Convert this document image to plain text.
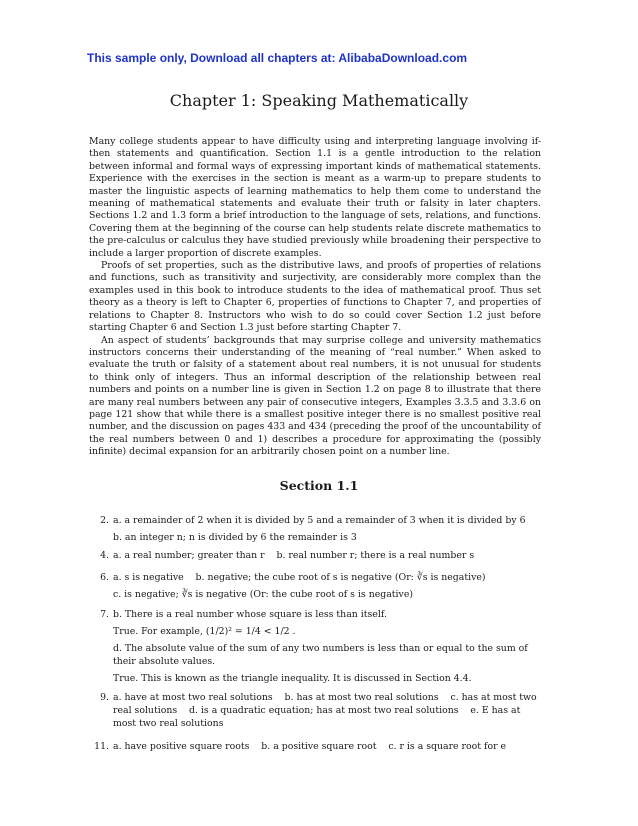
This sample only, Download all chapters at: AlibabaDownload.com
Chapter 1: Speaking Mathematically

Many college students appear to have difficulty using and interpreting language involving if-then statements and quantification. Section 1.1 is a gentle introduction to the relation between informal and formal ways of expressing important kinds of mathematical statements. Experience with the exercises in the section is meant as a warm-up to prepare students to master the linguistic aspects of learning mathematics to help them come to understand the meaning of mathematical statements and evaluate their truth or falsity in later chapters. Sections 1.2 and 1.3 form a brief introduction to the language of sets, relations, and functions. Covering them at the beginning of the course can help students relate discrete mathematics to the pre-calculus or calculus they have studied previously while broadening their perspective to include a larger proportion of discrete examples.

Proofs of set properties, such as the distributive laws, and proofs of properties of relations and functions, such as transitivity and surjectivity, are considerably more complex than the examples used in this book to introduce students to the idea of mathematical proof. Thus set theory as a theory is left to Chapter 6, properties of functions to Chapter 7, and properties of relations to Chapter 8. Instructors who wish to do so could cover Section 1.2 just before starting Chapter 6 and Section 1.3 just before starting Chapter 7.

An aspect of students’ backgrounds that may surprise college and university mathematics instructors concerns their understanding of the meaning of “real number.” When asked to evaluate the truth or falsity of a statement about real numbers, it is not unusual for students to think only of integers. Thus an informal description of the relationship between real numbers and points on a number line is given in Section 1.2 on page 8 to illustrate that there are many real numbers between any pair of consecutive integers, Examples 3.3.5 and 3.3.6 on page 121 show that while there is a smallest positive integer there is no smallest positive real number, and the discussion on pages 433 and 434 (preceding the proof of the uncountability of the real numbers between 0 and 1) describes a procedure for approximating the (possibly infinite) decimal expansion for an arbitrarily chosen point on a number line.

Section 1.1
2. a. a remainder of 2 when it is divided by 5 and a remainder of 3 when it is divided by 6

b. an integer n; n is divided by 6 the remainder is 3

4. a. a real number; greater than r    b. real number r; there is a real number s

6. a. s is negative    b. negative; the cube root of s is negative (Or: ∛s is negative)

c. is negative; ∛s is negative (Or: the cube root of s is negative)

7. b. There is a real number whose square is less than itself.

True. For example, (1/2)² = 1/4 < 1/2 .

d. The absolute value of the sum of any two numbers is less than or equal to the sum of their absolute values.

True. This is known as the triangle inequality. It is discussed in Section 4.4.

9. a. have at most two real solutions    b. has at most two real solutions    c. has at most two real solutions    d. is a quadratic equation; has at most two real solutions    e. E has at most two real solutions

11. a. have positive square roots    b. a positive square root    c. r is a square root for e
